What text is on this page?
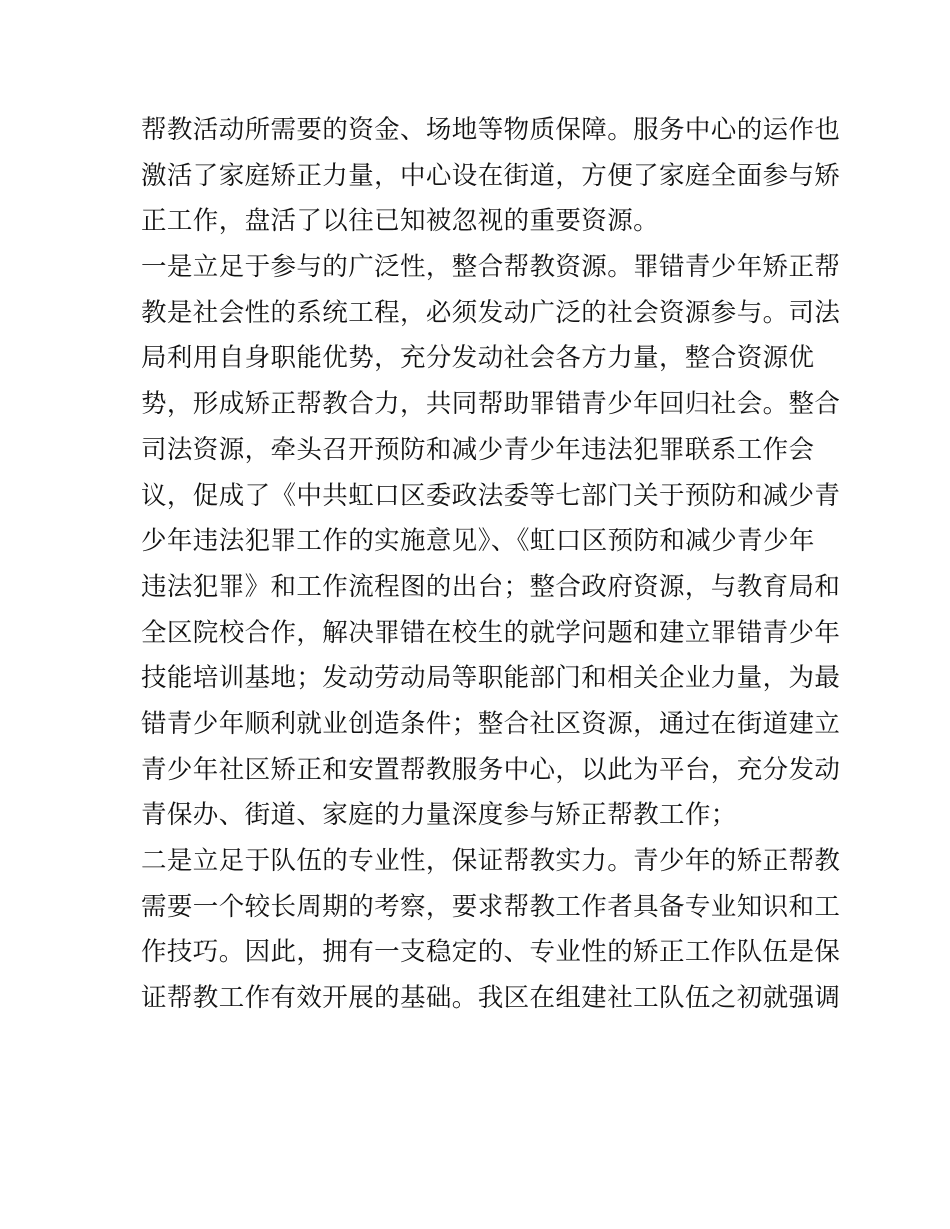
帮教活动所需要的资金、场地等物质保障。服务中心的运作也
激活了家庭矫正力量，中心设在街道，方便了家庭全面参与矫
正工作，盘活了以往已知被忽视的重要资源。
一是立足于参与的广泛性，整合帮教资源。罪错青少年矫正帮
教是社会性的系统工程，必须发动广泛的社会资源参与。司法
局利用自身职能优势，充分发动社会各方力量，整合资源优
势，形成矫正帮教合力，共同帮助罪错青少年回归社会。整合
司法资源，牵头召开预防和减少青少年违法犯罪联系工作会
议，促成了《中共虹口区委政法委等七部门关于预防和减少青
少年违法犯罪工作的实施意见》、《虹口区预防和减少青少年
违法犯罪》和工作流程图的出台；整合政府资源，与教育局和
全区院校合作，解决罪错在校生的就学问题和建立罪错青少年
技能培训基地；发动劳动局等职能部门和相关企业力量，为最
错青少年顺利就业创造条件；整合社区资源，通过在街道建立
青少年社区矫正和安置帮教服务中心，以此为平台，充分发动
青保办、街道、家庭的力量深度参与矫正帮教工作；
二是立足于队伍的专业性，保证帮教实力。青少年的矫正帮教
需要一个较长周期的考察，要求帮教工作者具备专业知识和工
作技巧。因此，拥有一支稳定的、专业性的矫正工作队伍是保
证帮教工作有效开展的基础。我区在组建社工队伍之初就强调
